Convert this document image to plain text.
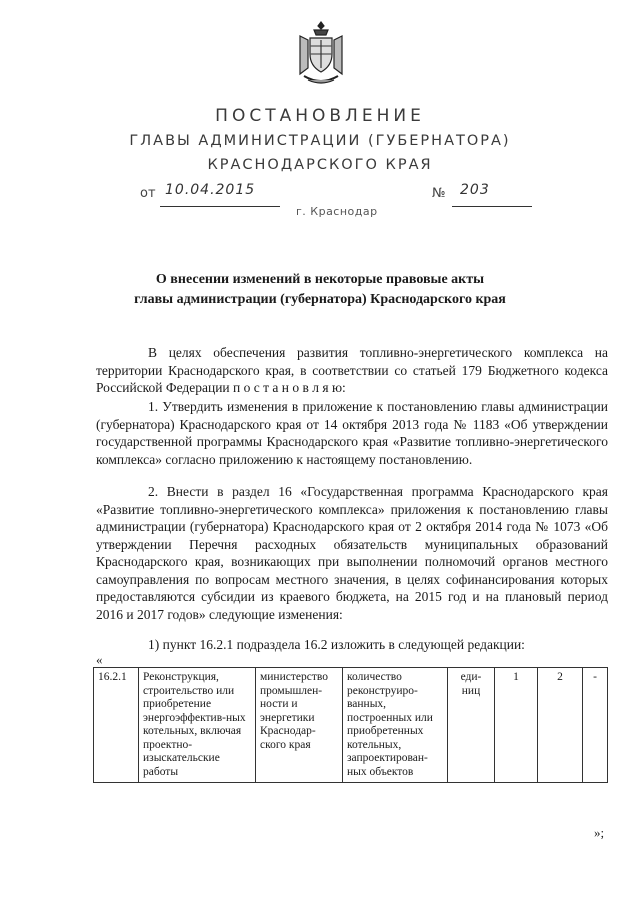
ПОСТАНОВЛЕНИЕ
ГЛАВЫ АДМИНИСТРАЦИИ (ГУБЕРНАТОРА)
КРАСНОДАРСКОГО КРАЯ
от 10.04.2015	№ 203
г. Краснодар
О внесении изменений в некоторые правовые акты
главы администрации (губернатора) Краснодарского края
В целях обеспечения развития топливно-энергетического комплекса на территории Краснодарского края, в соответствии со статьей 179 Бюджетного кодекса Российской Федерации п о с т а н о в л я ю:
1. Утвердить изменения в приложение к постановлению главы администрации (губернатора) Краснодарского края от 14 октября 2013 года № 1183 «Об утверждении государственной программы Краснодарского края «Развитие топливно-энергетического комплекса» согласно приложению к настоящему постановлению.
2. Внести в раздел 16 «Государственная программа Краснодарского края «Развитие топливно-энергетического комплекса» приложения к постановлению главы администрации (губернатора) Краснодарского края от 2 октября 2014 года № 1073 «Об утверждении Перечня расходных обязательств муниципальных образований Краснодарского края, возникающих при выполнении полномочий органов местного самоуправления по вопросам местного значения, в целях софинансирования которых предоставляются субсидии из краевого бюджета, на 2015 год и на плановый период 2016 и 2017 годов» следующие изменения:
1) пункт 16.2.1 подраздела 16.2 изложить в следующей редакции:
«
16.2.1	Реконструкция, строительство или приобретение энергоэффектив-ных котельных, включая проектно-изыскательские работы	министерство промышлен-ности и энергетики Краснодар-ского края	количество реконструиро-ванных, построенных или приобретенных котельных, запроектирован-ных объектов	еди-ниц	1	2	-
»;
